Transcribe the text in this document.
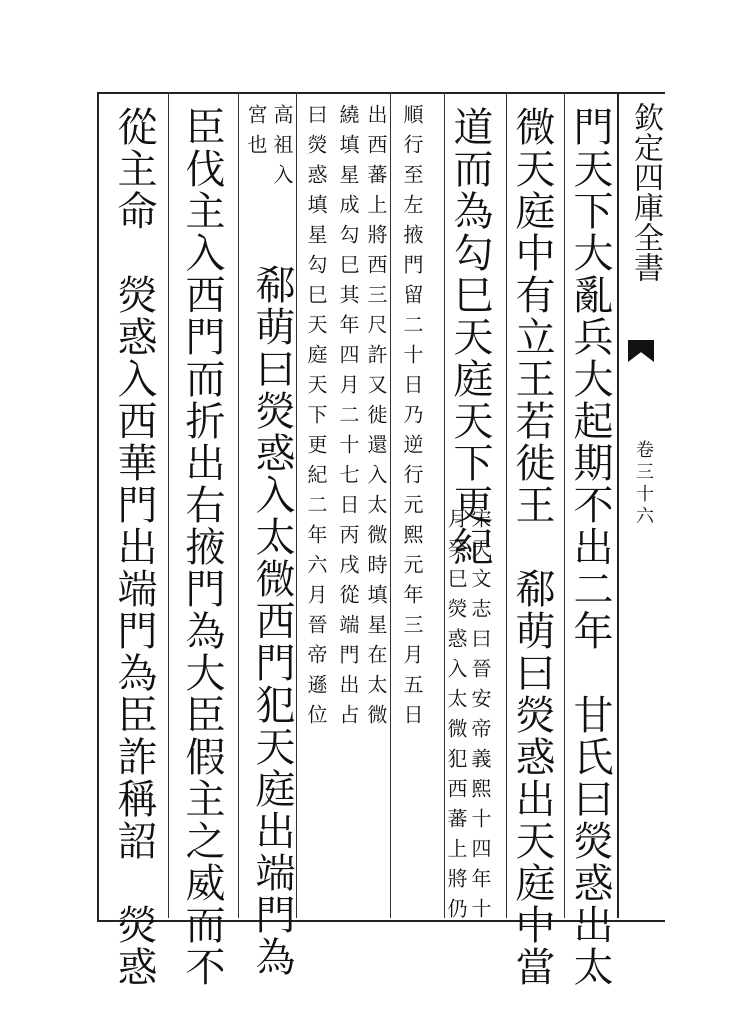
欽定四庫全書
卷三十六
門天下大亂兵大起期不出二年　甘氏曰熒惑出太
微天庭中有立王若徙王　郗萌曰熒惑出天庭中當
道而為勾巳天庭天下更紀
宋天文志曰晉安帝義熙十四年十
月癸巳熒惑入太微犯西蕃上將仍
出西蕃上將西三尺許又徙還入太微時填星在太微 順行至左掖門留二十日乃逆行元熙元年三月五日
曰熒惑填星勾巳天庭天下更紀二年六月晉帝遜位 繞填星成勾巳其年四月二十七日丙戌從端門出占
宮也 高祖入
郗萌曰熒惑入太微西門犯天庭出端門為
臣伐主入西門而折出右掖門為大臣假主之威而不
從主命　熒惑入西華門出端門為臣詐稱詔　熒惑
